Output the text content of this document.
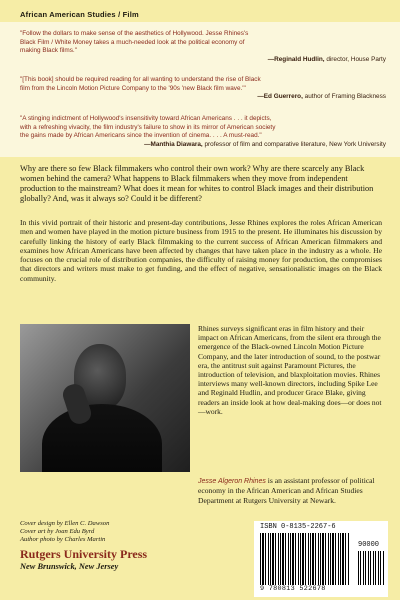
African American Studies / Film
"Follow the dollars to make sense of the aesthetics of Hollywood. Jesse Rhines's
Black Film / White Money takes a much-needed look at the political economy of
making Black films."
—Reginald Hudlin, director, House Party
"[This book] should be required reading for all wanting to understand the rise of Black
film from the Lincoln Motion Picture Company to the '90s 'new Black film wave.'"
—Ed Guerrero, author of Framing Blackness
"A stinging indictment of Hollywood's insensitivity toward African Americans . . . it depicts,
with a refreshing vivacity, the film industry's failure to show in its mirror of American society
the gains made by African Americans since the invention of cinema. . . . A must-read."
—Manthia Diawara, professor of film and comparative literature, New York University
Why are there so few Black filmmakers who control their own work? Why are there scarcely any Black women behind the camera? What happens to Black filmmakers when they move from independent production to the mainstream? What does it mean for whites to control Black images and their distribution globally? And, was it always so? Could it be different?
In this vivid portrait of their historic and present-day contributions, Jesse Rhines explores the roles African American men and women have played in the motion picture business from 1915 to the present. He illuminates his discussion by carefully linking the history of early Black filmmaking to the current success of African American filmmakers and examines how African Americans have been affected by changes that have taken place in the industry as a whole. He focuses on the crucial role of distribution companies, the difficulty of raising money for production, the compromises that directors and writers must make to get funding, and the effect of negative, sensationalistic images on the Black community.
Rhines surveys significant eras in film history and their impact on African Americans, from the silent era through the emergence of the Black-owned Lincoln Motion Picture Company, and the later introduction of sound, to the postwar era, the antitrust suit against Paramount Pictures, the introduction of television, and blaxploitation movies. Rhines interviews many well-known directors, including Spike Lee and Reginald Hudlin, and producer Grace Blake, giving readers an inside look at how deal-making does—or does not—work.
Jesse Algeron Rhines is an assistant professor of political economy in the African American and African Studies Department at Rutgers University at Newark.
Cover design by Ellen C. Dawson
Cover art by Joan Edu Byrd
Author photo by Charles Martin
Rutgers University Press
New Brunswick, New Jersey
ISBN 0-8135-2267-6
90000
9 780813 522678
